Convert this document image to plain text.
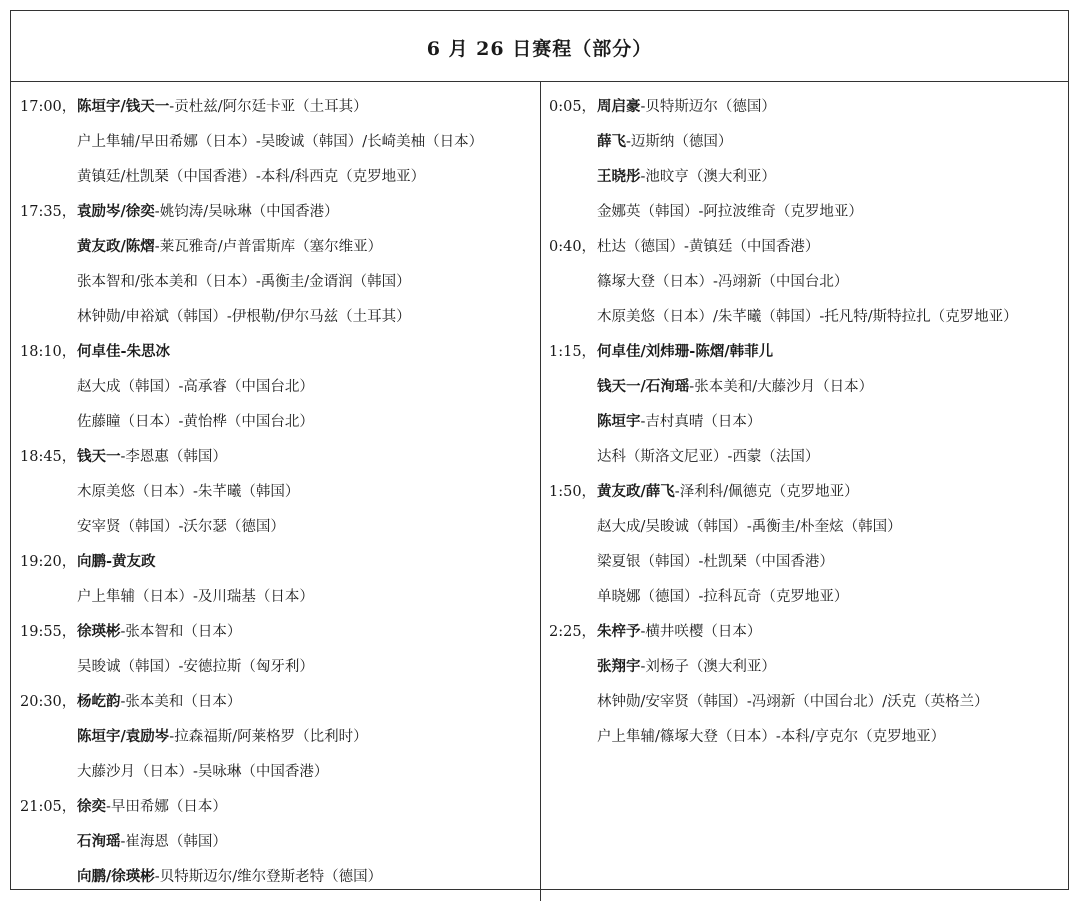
6 月 26 日赛程（部分）
17:00，陈垣宇/钱天一-贡杜兹/阿尔廷卡亚（土耳其）
户上隼辅/早田希娜（日本）-吴晙诚（韩国）/长崎美柚（日本）
黄镇廷/杜凯琹（中国香港）-本科/科西克（克罗地亚）
17:35，袁励岑/徐奕-姚钧涛/吴咏琳（中国香港）
黄友政/陈熠-莱瓦雅奇/卢普雷斯库（塞尔维亚）
张本智和/张本美和（日本）-禹衡圭/金谞润（韩国）
林钟勋/申裕斌（韩国）-伊根勒/伊尔马兹（土耳其）
18:10，何卓佳-朱思冰
赵大成（韩国）-高承睿（中国台北）
佐藤瞳（日本）-黄怡桦（中国台北）
18:45，钱天一-李恩惠（韩国）
木原美悠（日本）-朱芊曦（韩国）
安宰贤（韩国）-沃尔瑟（德国）
19:20，向鹏-黄友政
户上隼辅（日本）-及川瑞基（日本）
19:55，徐瑛彬-张本智和（日本）
吴晙诚（韩国）-安德拉斯（匈牙利）
20:30，杨屹韵-张本美和（日本）
陈垣宇/袁励岑-拉森福斯/阿莱格罗（比利时）
大藤沙月（日本）-吴咏琳（中国香港）
21:05，徐奕-早田希娜（日本）
石洵瑶-崔海恩（韩国）
向鹏/徐瑛彬-贝特斯迈尔/维尔登斯老特（德国）
0:05，周启豪-贝特斯迈尔（德国）
薛飞-迈斯纳（德国）
王晓彤-池旼亨（澳大利亚）
金娜英（韩国）-阿拉波维奇（克罗地亚）
0:40，杜达（德国）-黄镇廷（中国香港）
篠塚大登（日本）-冯翊新（中国台北）
木原美悠（日本）/朱芊曦（韩国）-托凡特/斯特拉扎（克罗地亚）
1:15，何卓佳/刘炜珊-陈熠/韩菲儿
钱天一/石洵瑶-张本美和/大藤沙月（日本）
陈垣宇-吉村真晴（日本）
达科（斯洛文尼亚）-西蒙（法国）
1:50，黄友政/薛飞-泽利科/佩德克（克罗地亚）
赵大成/吴晙诚（韩国）-禹衡圭/朴奎炫（韩国）
梁夏银（韩国）-杜凯琹（中国香港）
单晓娜（德国）-拉科瓦奇（克罗地亚）
2:25，朱梓予-横井咲樱（日本）
张翔宇-刘杨子（澳大利亚）
林钟勋/安宰贤（韩国）-冯翊新（中国台北）/沃克（英格兰）
户上隼辅/篠塚大登（日本）-本科/亨克尔（克罗地亚）
